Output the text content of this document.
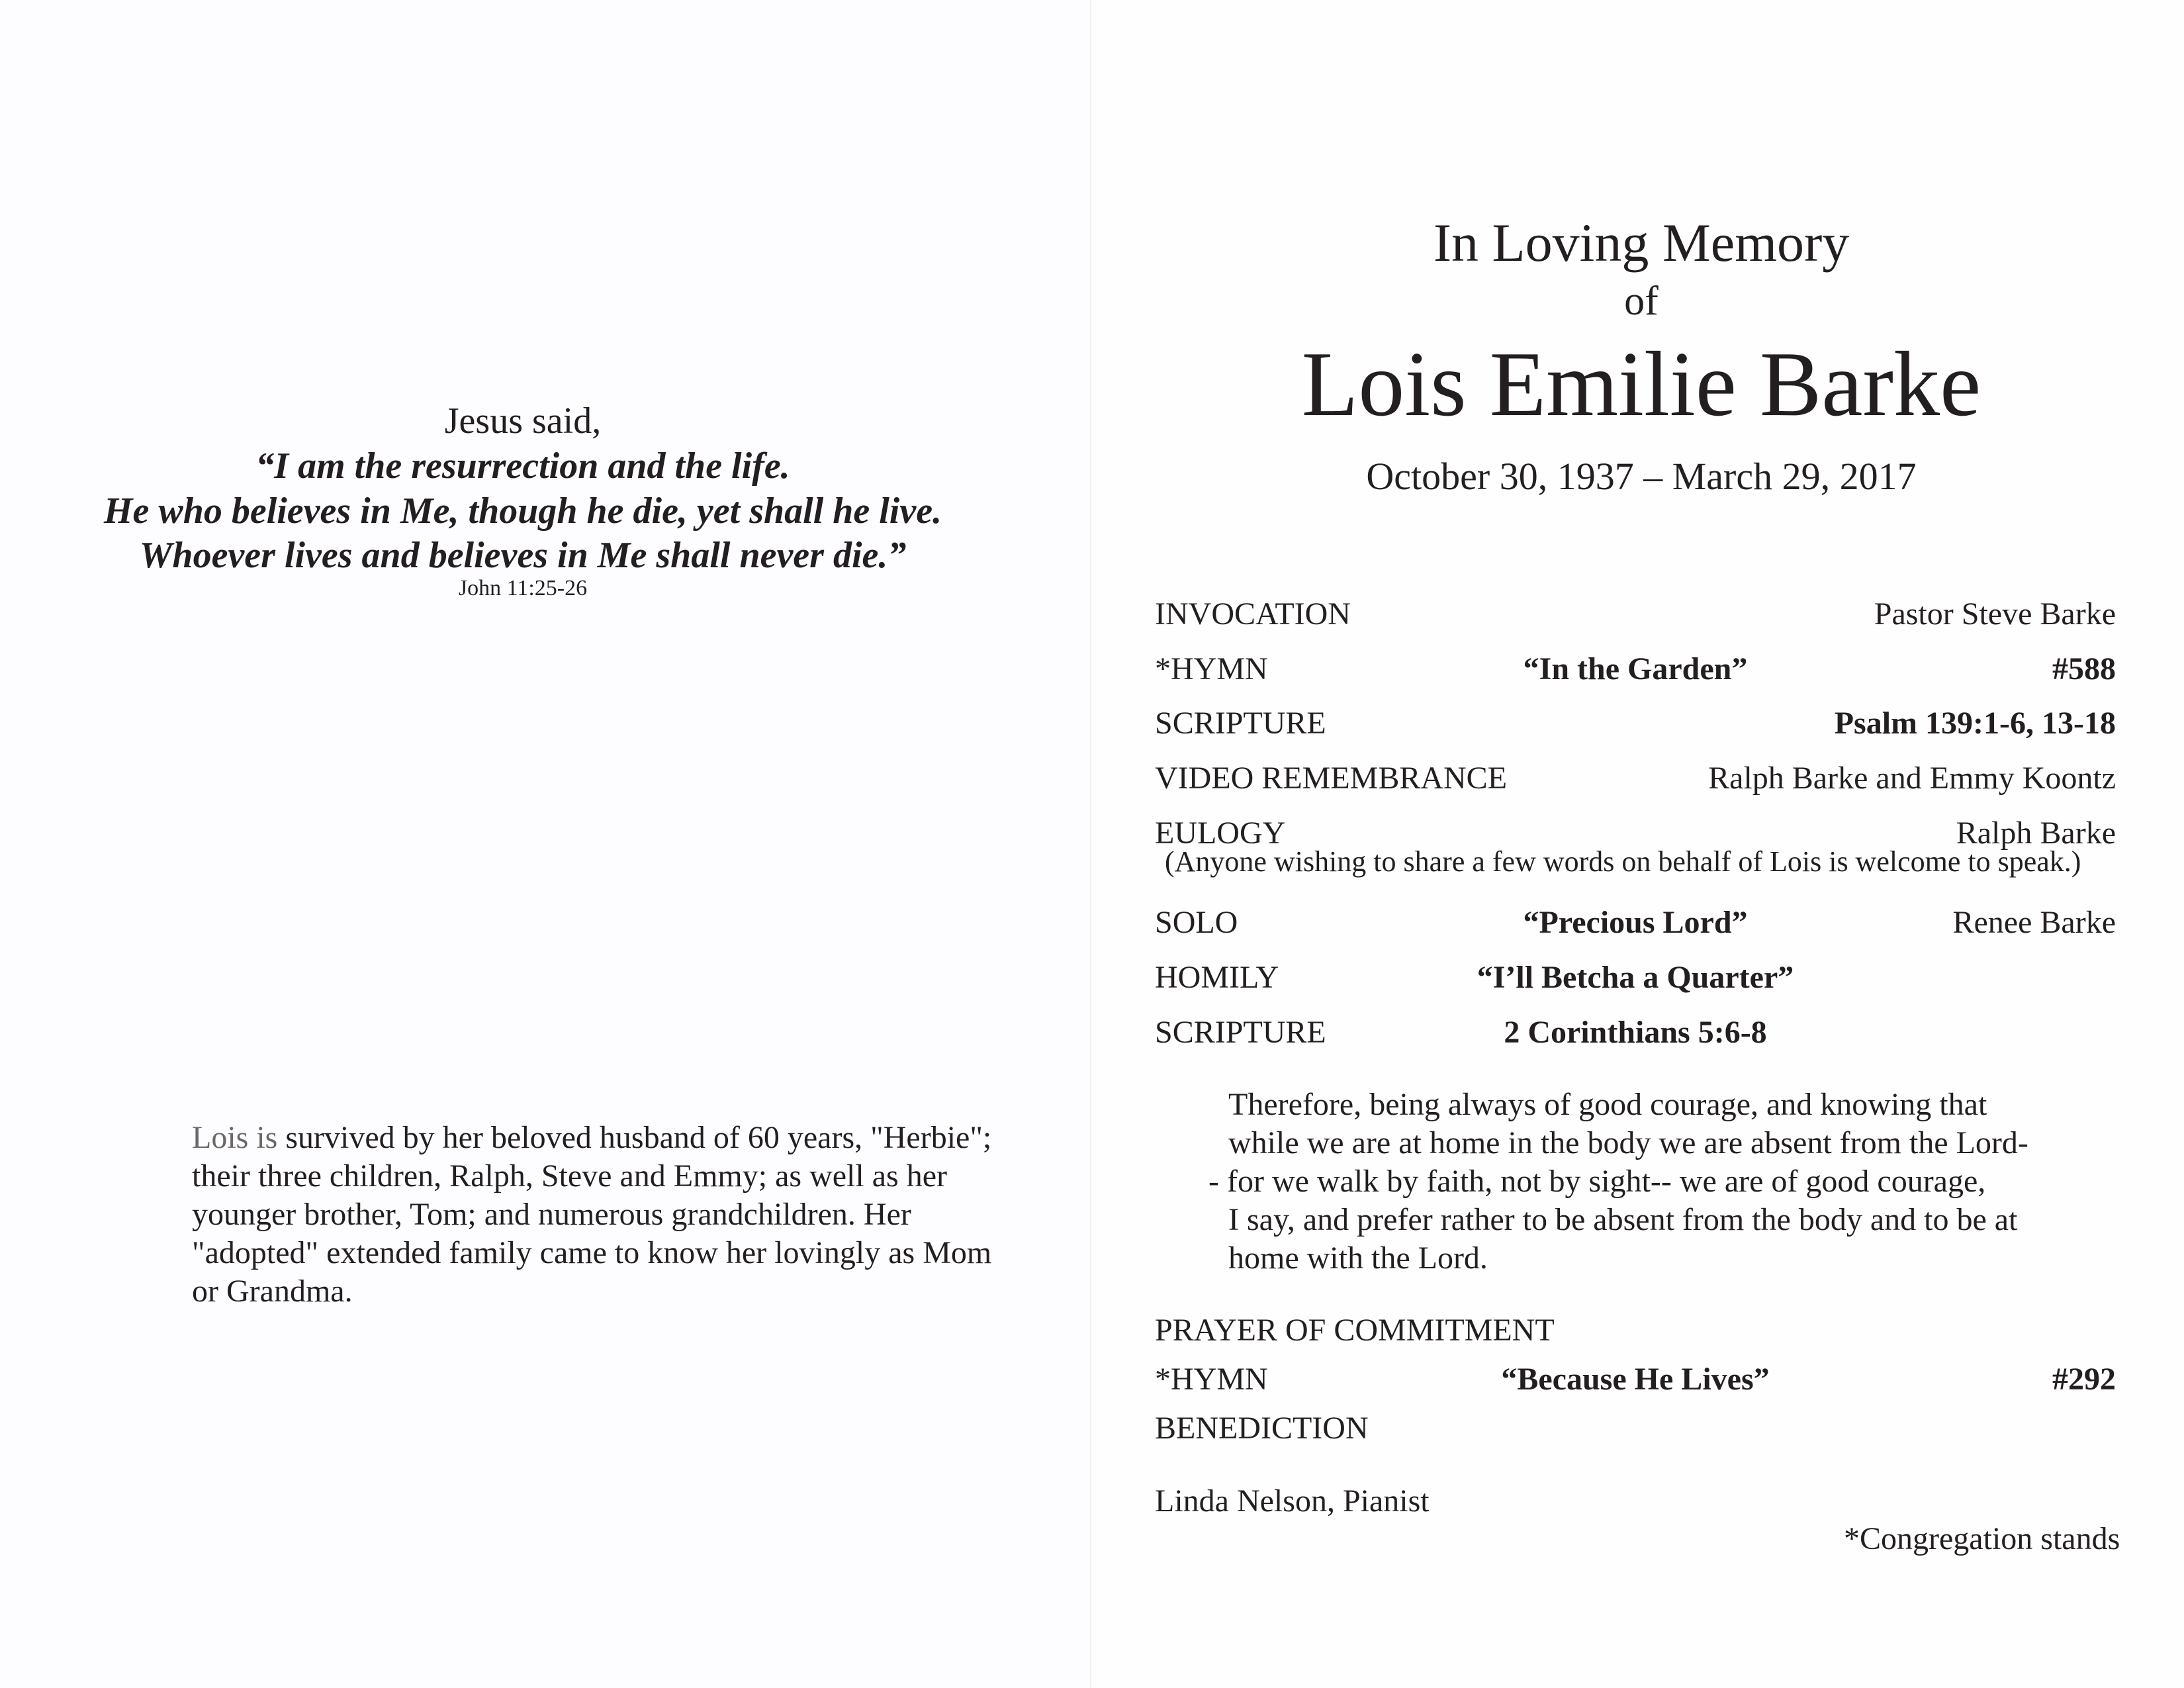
Jesus said,
“I am the resurrection and the life.
He who believes in Me, though he die, yet shall he live.
Whoever lives and believes in Me shall never die.”
John 11:25-26
Lois is survived by her beloved husband of 60 years, "Herbie";
their three children, Ralph, Steve and Emmy; as well as her
younger brother, Tom; and numerous grandchildren. Her
"adopted" extended family came to know her lovingly as Mom
or Grandma.
In Loving Memory
of
Lois Emilie Barke
October 30, 1937 – March 29, 2017
INVOCATION	Pastor Steve Barke
*HYMN	“In the Garden”	#588
SCRIPTURE	Psalm 139:1-6, 13-18
VIDEO REMEMBRANCE	Ralph Barke and Emmy Koontz
EULOGY	Ralph Barke
(Anyone wishing to share a few words on behalf of Lois is welcome to speak.)
SOLO	“Precious Lord”	Renee Barke
HOMILY	“I’ll Betcha a Quarter”
SCRIPTURE	2 Corinthians 5:6-8
Therefore, being always of good courage, and knowing that
while we are at home in the body we are absent from the Lord-
- for we walk by faith, not by sight-- we are of good courage,
I say, and prefer rather to be absent from the body and to be at
home with the Lord.
PRAYER OF COMMITMENT
*HYMN	“Because He Lives”	#292
BENEDICTION
Linda Nelson, Pianist
*Congregation stands
